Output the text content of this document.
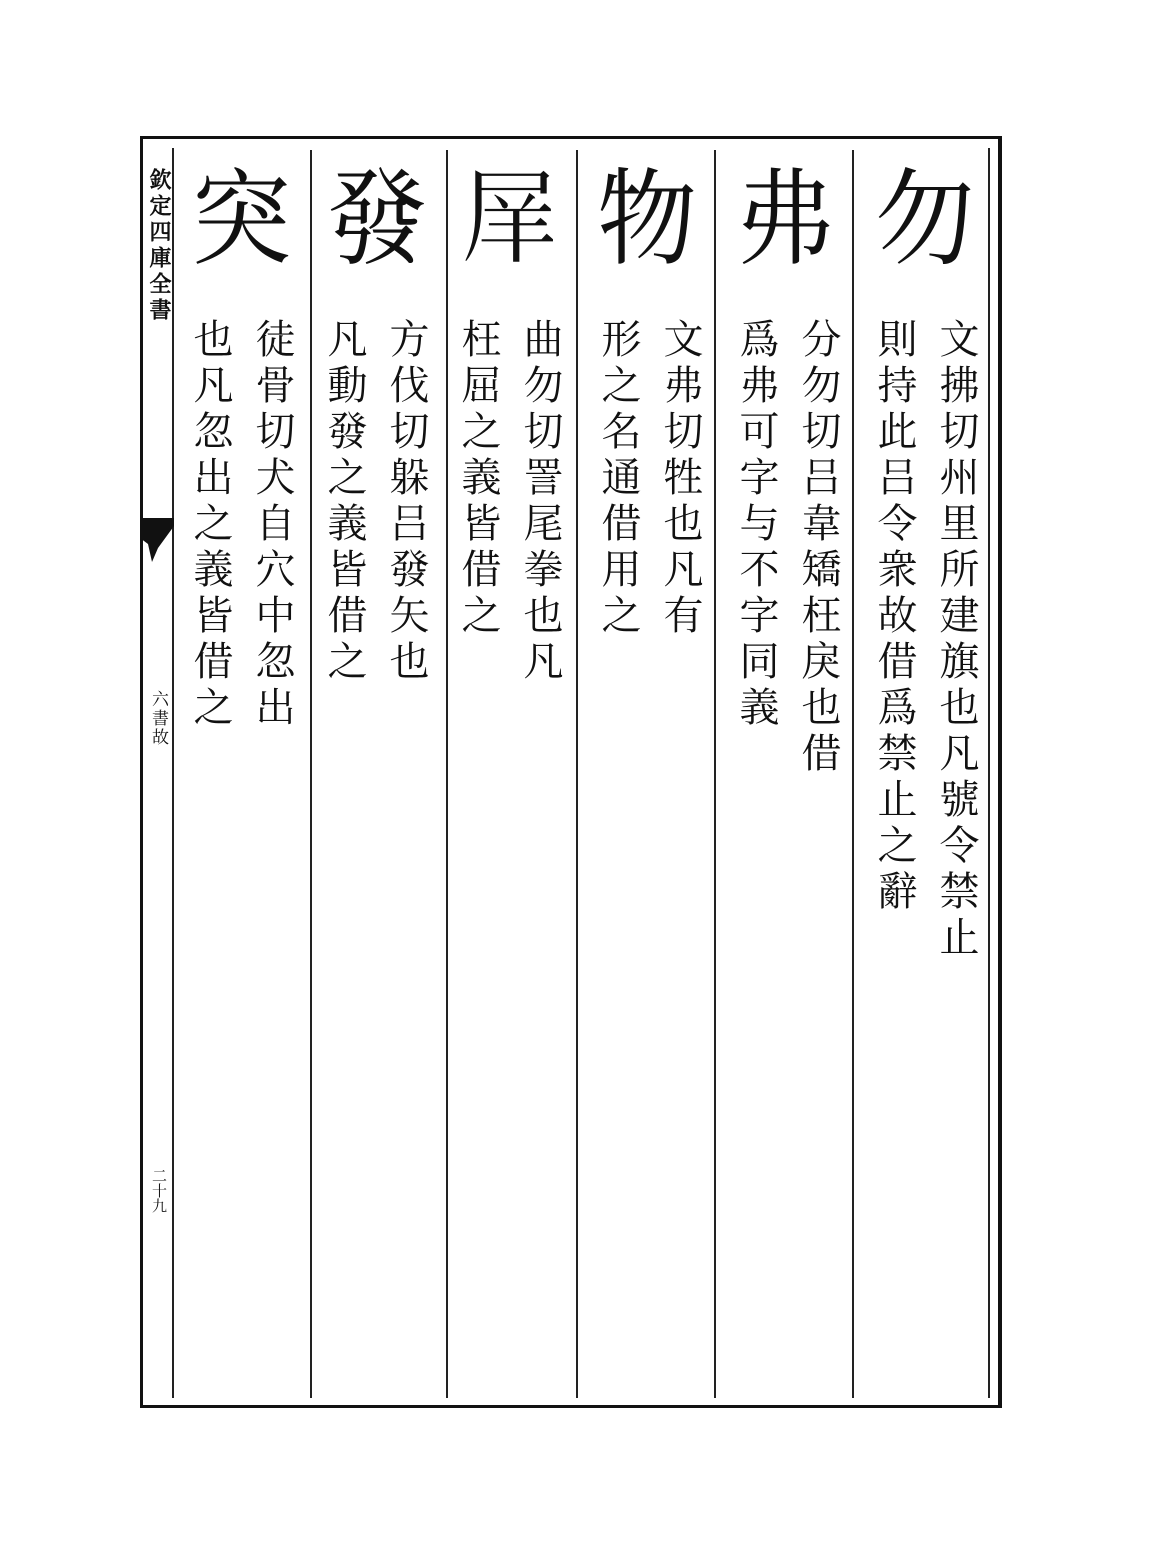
欽定四庫全書
六書故
二十九
勿
文拂切州里所建旗也凡號令禁止
則持此吕令衆故借爲禁止之辭
弗
分勿切吕韋矯枉戾也借
爲弗可字与不字同義
物
文弗切牲也凡有
形之名通借用之
𡱝
曲勿切詈尾拳也凡
枉屈之義皆借之
發
方伐切躲吕發矢也
凡動發之義皆借之
突
徒骨切犬自穴中忽出
也凡忽出之義皆借之
